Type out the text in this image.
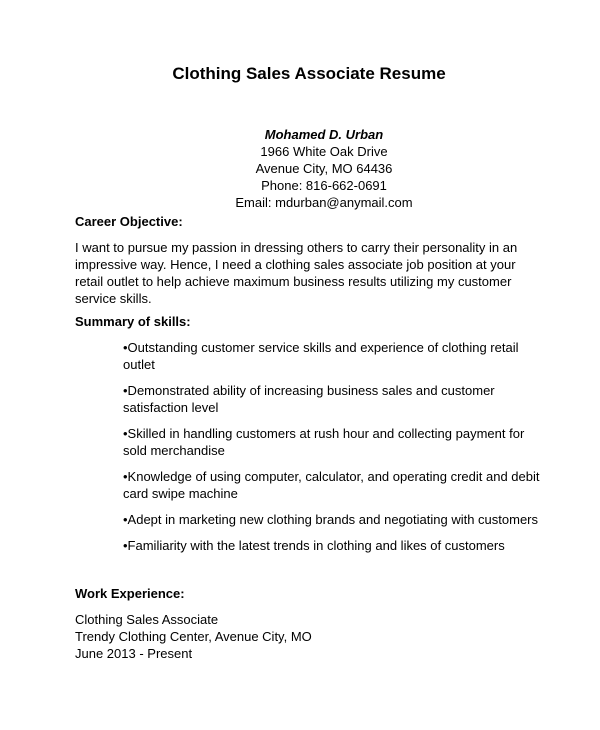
Clothing Sales Associate Resume
Mohamed D. Urban
1966 White Oak Drive
Avenue City, MO 64436
Phone: 816-662-0691
Email: mdurban@anymail.com
Career Objective:
I want to pursue my passion in dressing others to carry their personality in an impressive way. Hence, I need a clothing sales associate job position at your retail outlet to help achieve maximum business results utilizing my customer service skills.
Summary of skills:
•Outstanding customer service skills and experience of clothing retail outlet
•Demonstrated ability of increasing business sales and customer satisfaction level
•Skilled in handling customers at rush hour and collecting payment for sold merchandise
•Knowledge of using computer, calculator, and operating credit and debit card swipe machine
•Adept in marketing new clothing brands and negotiating with customers
•Familiarity with the latest trends in clothing and likes of customers
Work Experience:
Clothing Sales Associate
Trendy Clothing Center, Avenue City, MO
June 2013 - Present
